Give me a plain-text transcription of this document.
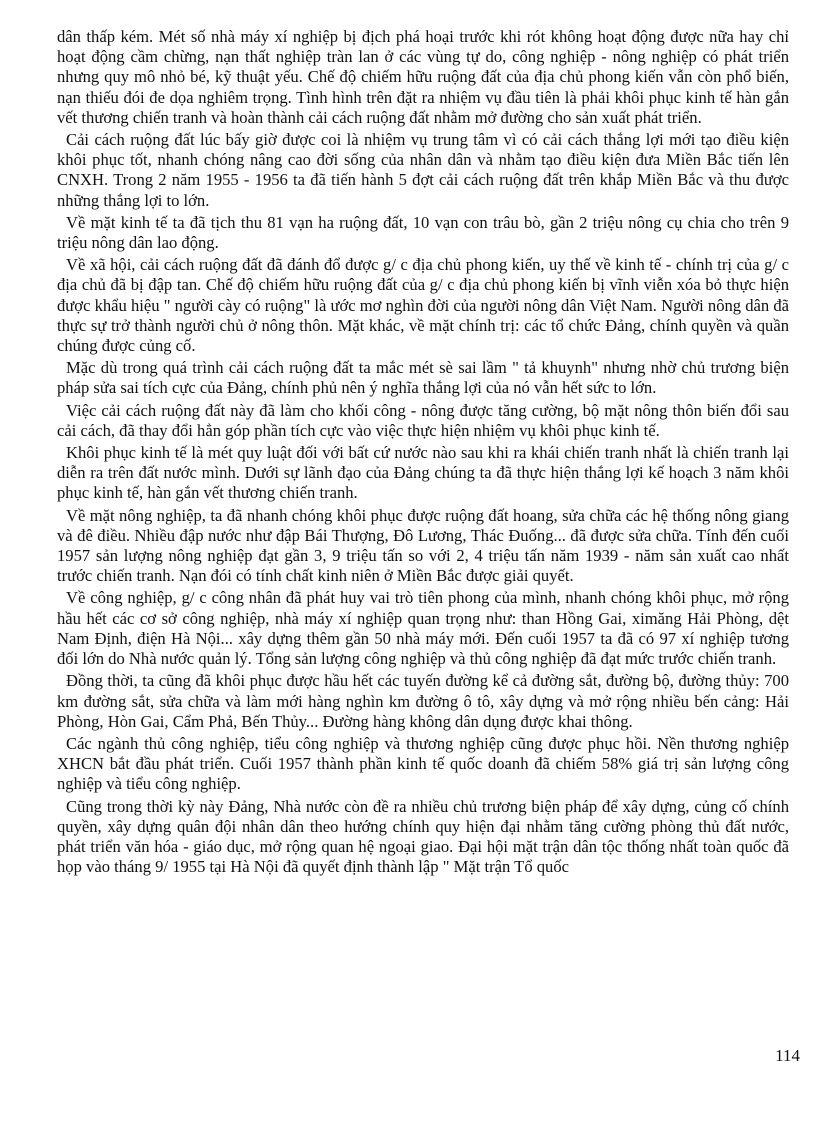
dân thấp kém. Mét số nhà máy xí nghiệp bị địch phá hoại trước khi rót không hoạt động được nữa hay chỉ hoạt động cầm chừng, nạn thất nghiệp tràn lan ở các vùng tự do, công nghiệp - nông nghiệp có phát triển nhưng quy mô nhỏ bé, kỹ thuật yếu. Chế độ chiếm hữu ruộng đất của địa chủ phong kiến vẫn còn phổ biến, nạn thiếu đói đe dọa nghiêm trọng. Tình hình trên đặt ra nhiệm vụ đầu tiên là phải khôi phục kinh tế hàn gắn vết thương chiến tranh và hoàn thành cải cách ruộng đất nhằm mở đường cho sản xuất phát triển.

Cải cách ruộng đất lúc bấy giờ được coi là nhiệm vụ trung tâm vì có cải cách thắng lợi mới tạo điều kiện khôi phục tốt, nhanh chóng nâng cao đời sống của nhân dân và nhằm tạo điều kiện đưa Miền Bắc tiến lên CNXH. Trong 2 năm 1955 - 1956 ta đã tiến hành 5 đợt cải cách ruộng đất trên khắp Miền Bắc và thu được những thắng lợi to lớn.

Về mặt kinh tế ta đã tịch thu 81 vạn ha ruộng đất, 10 vạn con trâu bò, gần 2 triệu nông cụ chia cho trên 9 triệu nông dân lao động.

Về xã hội, cải cách ruộng đất đã đánh đổ được g/ c địa chủ phong kiến, uy thế về kinh tế - chính trị của g/ c địa chủ đã bị đập tan. Chế độ chiếm hữu ruộng đất của g/ c địa chủ phong kiến bị vĩnh viễn xóa bỏ thực hiện được khẩu hiệu " người cày có ruộng" là ước mơ nghìn đời của người nông dân Việt Nam. Người nông dân đã thực sự trở thành người chủ ở nông thôn. Mặt khác, về mặt chính trị: các tổ chức Đảng, chính quyền và quần chúng được củng cố.

Mặc dù trong quá trình cải cách ruộng đất ta mắc mét sè sai lầm " tả khuynh" nhưng nhờ chủ trương biện pháp sửa sai tích cực của Đảng, chính phủ nên ý nghĩa thắng lợi của nó vẫn hết sức to lớn.

Việc cải cách ruộng đất này đã làm cho khối công - nông được tăng cường, bộ mặt nông thôn biến đổi sau cải cách, đã thay đổi hẳn góp phần tích cực vào việc thực hiện nhiệm vụ khôi phục kinh tế.

Khôi phục kinh tế là mét quy luật đối với bất cứ nước nào sau khi ra khái chiến tranh nhất là chiến tranh lại diễn ra trên đất nước mình. Dưới sự lãnh đạo của Đảng chúng ta đã thực hiện thắng lợi kế hoạch 3 năm khôi phục kinh tế, hàn gắn vết thương chiến tranh.

Về mặt nông nghiệp, ta đã nhanh chóng khôi phục được ruộng đất hoang, sửa chữa các hệ thống nông giang và đê điều. Nhiều đập nước như đập Bái Thượng, Đô Lương, Thác Đuống... đã được sửa chữa. Tính đến cuối 1957 sản lượng nông nghiệp đạt gần 3, 9 triệu tấn so với 2, 4 triệu tấn năm 1939 - năm sản xuất cao nhất trước chiến tranh. Nạn đói có tính chất kinh niên ở Miền Bắc được giải quyết.

Về công nghiệp, g/ c công nhân đã phát huy vai trò tiên phong của mình, nhanh chóng khôi phục, mở rộng hầu hết các cơ sở công nghiệp, nhà máy xí nghiệp quan trọng như: than Hồng Gai, ximăng Hải Phòng, dệt Nam Định, điện Hà Nội... xây dựng thêm gần 50 nhà máy mới. Đến cuối 1957 ta đã có 97 xí nghiệp tương đối lớn do Nhà nước quản lý. Tổng sản lượng công nghiệp và thủ công nghiệp đã đạt mức trước chiến tranh.

Đồng thời, ta cũng đã khôi phục được hầu hết các tuyến đường kể cả đường sắt, đường bộ, đường thủy: 700 km đường sắt, sửa chữa và làm mới hàng nghìn km đường ô tô, xây dựng và mở rộng nhiều bến cảng: Hải Phòng, Hòn Gai, Cẩm Phả, Bến Thủy... Đường hàng không dân dụng được khai thông.

Các ngành thủ công nghiệp, tiểu công nghiệp và thương nghiệp cũng được phục hồi. Nền thương nghiệp XHCN bắt đầu phát triển. Cuối 1957 thành phần kinh tế quốc doanh đã chiếm 58% giá trị sản lượng công nghiệp và tiểu công nghiệp.

Cũng trong thời kỳ này Đảng, Nhà nước còn đề ra nhiều chủ trương biện pháp để xây dựng, củng cố chính quyền, xây dựng quân đội nhân dân theo hướng chính quy hiện đại nhằm tăng cường phòng thủ đất nước, phát triển văn hóa - giáo dục, mở rộng quan hệ ngoại giao. Đại hội mặt trận dân tộc thống nhất toàn quốc đã họp vào tháng 9/ 1955 tại Hà Nội đã quyết định thành lập " Mặt trận Tổ quốc

114
